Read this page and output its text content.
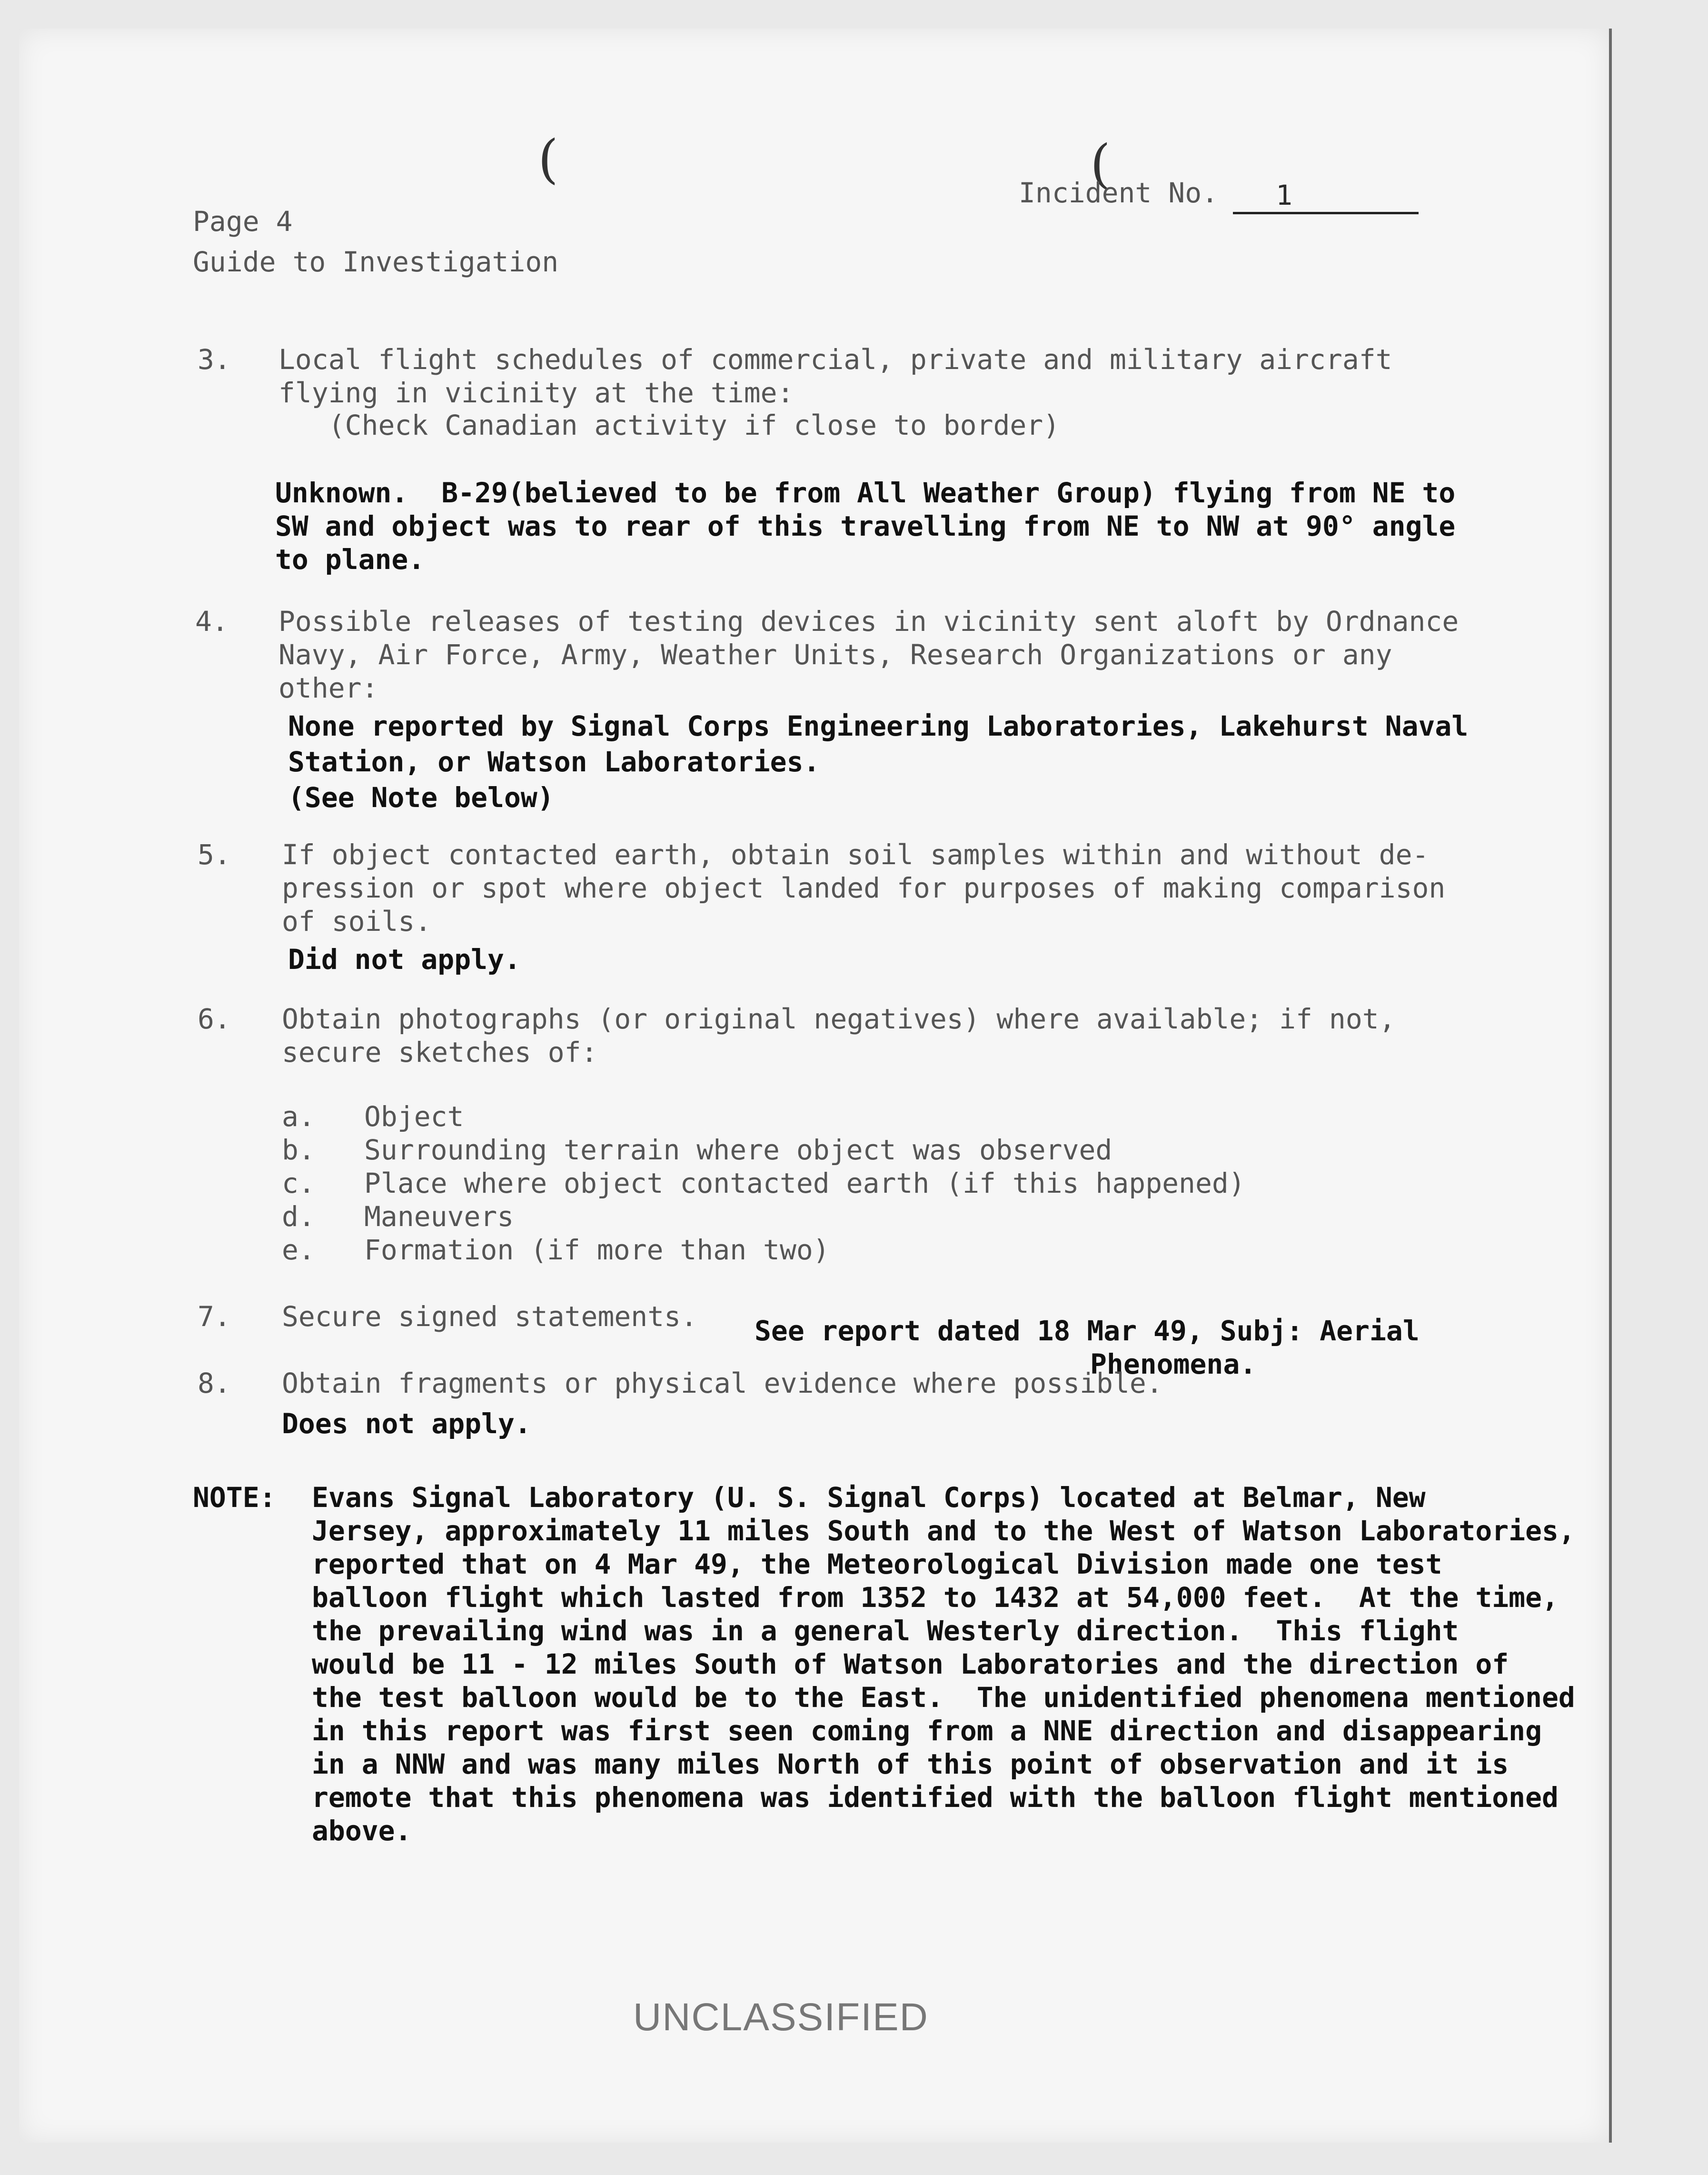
(	(
Incident No. 1
Page 4
Guide to Investigation
3. Local flight schedules of commercial, private and military aircraft
flying in vicinity at the time:
(Check Canadian activity if close to border)
Unknown.  B-29(believed to be from All Weather Group) flying from NE to
SW and object was to rear of this travelling from NE to NW at 90° angle
to plane.
4. Possible releases of testing devices in vicinity sent aloft by Ordnance
Navy, Air Force, Army, Weather Units, Research Organizations or any
other:
None reported by Signal Corps Engineering Laboratories, Lakehurst Naval
Station, or Watson Laboratories.
(See Note below)
5. If object contacted earth, obtain soil samples within and without de-
pression or spot where object landed for purposes of making comparison
of soils.
Did not apply.
6. Obtain photographs (or original negatives) where available; if not,
secure sketches of:
a. Object
b. Surrounding terrain where object was observed
c. Place where object contacted earth (if this happened)
d. Maneuvers
e. Formation (if more than two)
7. Secure signed statements. See report dated 18 Mar 49, Subj: Aerial
Phenomena.
8. Obtain fragments or physical evidence where possible.
Does not apply.
NOTE: Evans Signal Laboratory (U. S. Signal Corps) located at Belmar, New
Jersey, approximately 11 miles South and to the West of Watson Laboratories,
reported that on 4 Mar 49, the Meteorological Division made one test
balloon flight which lasted from 1352 to 1432 at 54,000 feet.  At the time,
the prevailing wind was in a general Westerly direction.  This flight
would be 11 - 12 miles South of Watson Laboratories and the direction of
the test balloon would be to the East.  The unidentified phenomena mentioned
in this report was first seen coming from a NNE direction and disappearing
in a NNW and was many miles North of this point of observation and it is
remote that this phenomena was identified with the balloon flight mentioned
above.
UNCLASSIFIED
